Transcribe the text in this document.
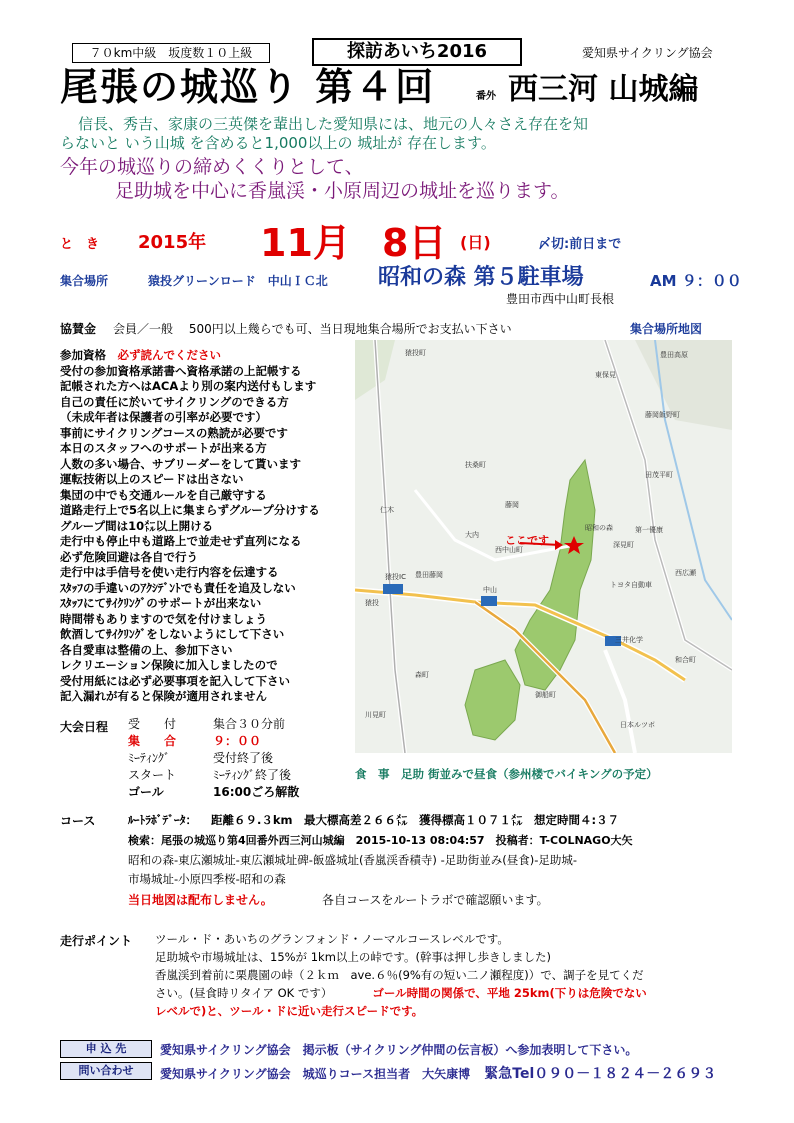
７０km中級　坂度数１０上級	探訪あいち2016	愛知県サイクリング協会
尾張の城巡り 第４回	番外 西三河 山城編
信長、秀吉、家康の三英傑を輩出した愛知県には、地元の人々さえ存在を知
らないと いう山城 を含めると1,000以上の 城址が 存在します。
今年の城巡りの締めくくりとして、
足助城を中心に香嵐渓・小原周辺の城址を巡ります。
と　き 2015年 11月 8日 (日)	〆切:前日まで
集合場所	猿投グリーンロード　中山ＩＣ北 昭和の森 第５駐車場	AM ９：００
豊田市西中山町長根
協賛金 会員／一般　 500円以上幾らでも可、当日現地集合場所でお支払い下さい	集合場所地図
参加資格　 必ず読んでください
受付の参加資格承諾書へ資格承諾の上記帳する
記帳された方へはACAより別の案内送付もします
自己の責任に於いてサイクリングのできる方
（未成年者は保護者の引率が必要です）
事前にサイクリングコースの熟読が必要です
本日のスタッフへのサポートが出来る方
人数の多い場合、サブリーダーをして貰います
運転技術以上のスピードは出さない
集団の中でも交通ルールを自己厳守する
道路走行上で5名以上に集まらずグループ分けする
グループ間は10㍍以上開ける
走行中も停止中も道路上で並走せず直列になる
必ず危険回避は各自で行う
走行中は手信号を使い走行内容を伝達する
ｽﾀｯﾌの手違いのｱｸｼﾃﾞﾝﾄでも責任を追及しない
ｽﾀｯﾌにてｻｲｸﾘﾝｸﾞのサポートが出来ない
時間帯もありますので気を付けましょう
飲酒してｻｲｸﾘﾝｸﾞをしないようにして下さい
各自愛車は整備の上、参加下さい
レクリエーション保険に加入しましたので
受付用紙には必ず必要事項を記入して下さい
記入漏れが有ると保険が適用されません
ここです
猿投町
猿投
猿投IC
中山
豊田藤岡
昭和の森
深見町
西広瀬
藤岡飯野町
田茂平町
扶桑町
仁木
御船町
西中山町
森町
川見町
日本ルツボ
三井化学
和合町
藤岡
大内
第一優康
トヨタ自動車
東保見
豊田高原
大会日程 受　　付	集合３０分前
集　　合	９：００
ﾐｰﾃｨﾝｸﾞ	受付終了後
スタート	ﾐｰﾃｨﾝｸﾞ終了後
ゴール	16:00ごろ解散
食　事　足助 街並みで昼食（参州楼でバイキングの予定）
コース	ﾙｰﾄﾗﾎﾞﾃﾞｰﾀ： 距離６９.３km　最大標高差２６６㍍　獲得標高１０７１㍍　想定時間４:３７
検索：尾張の城巡り第4回番外西三河山城編　2015-10-13 08:04:57　投稿者：T-COLNAGO大矢
昭和の森-東広瀬城址-東広瀬城址碑-飯盛城址(香嵐渓香積寺) -足助街並み(昼食)-足助城-
市場城址-小原四季桜-昭和の森
当日地図は配布しません。	各自コースをルートラボで確認願います。
走行ポイント ツール・ド・あいちのグランフォンド・ノーマルコースレベルです。
足助城や市場城址は、15%が 1km以上の峠です。(幹事は押し歩きしました)
香嵐渓到着前に栗農園の峠（２ｋｍ　ave.６％(9%有の短い二ノ瀬程度)）で、調子を見てくだ
さい。(昼食時リタイア OK です）	ゴール時間の関係で、平地 25km(下りは危険でない
レベルで)と、ツール・ドに近い走行スピードです。
申 込 先	愛知県サイクリング協会　掲示板（サイクリング仲間の伝言板）へ参加表明して下さい。
問い合わせ	愛知県サイクリング協会　城巡りコース担当者　大矢康博 緊急Tel０９０－１８２４－２６９３
